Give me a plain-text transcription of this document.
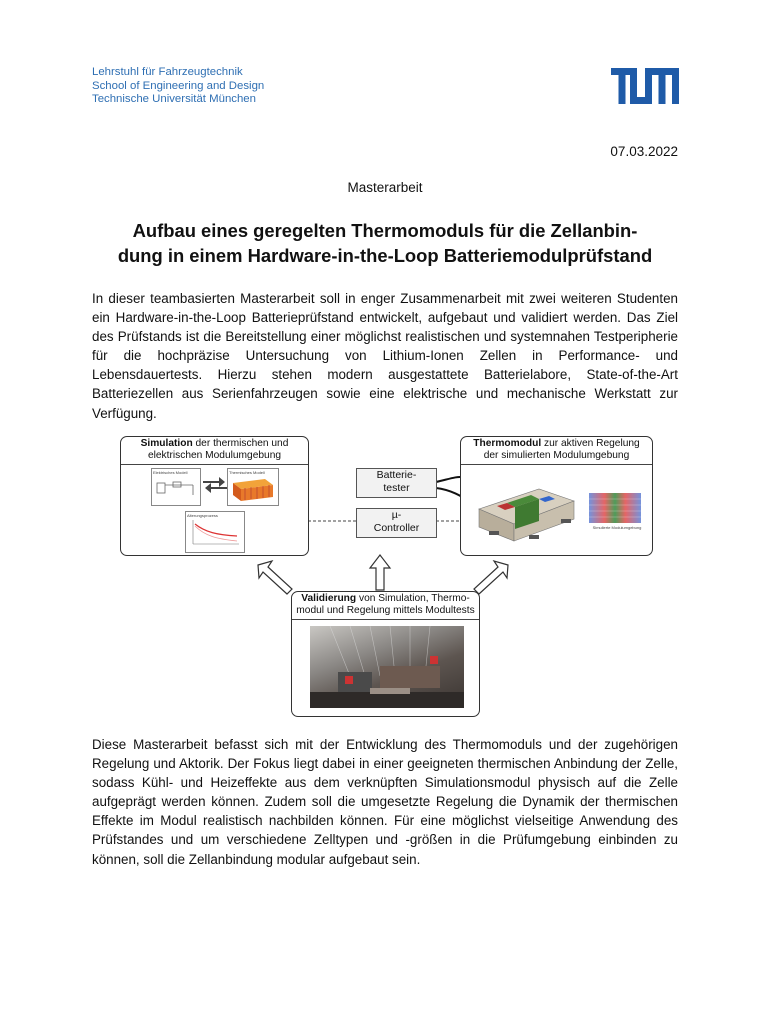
Lehrstuhl für Fahrzeugtechnik
School of Engineering and Design
Technische Universität München
07.03.2022
Masterarbeit
Aufbau eines geregelten Thermomoduls für die Zellanbin-
dung in einem Hardware-in-the-Loop Batteriemodulprüfstand
In dieser teambasierten Masterarbeit soll in enger Zusammenarbeit mit zwei weiteren Studenten ein Hardware-in-the-Loop Batterieprüfstand entwickelt, aufgebaut und validiert werden. Das Ziel des Prüfstands ist die Bereitstellung einer möglichst realistischen und systemnahen Testperipherie für die hochpräzise Untersuchung von Lithium-Ionen Zellen in Performance- und Lebensdauertests. Hierzu stehen modern ausgestattete Batterielabore, State-of-the-Art Batteriezellen aus Serienfahrzeugen sowie eine elektrische und mechanische Werkstatt zur Verfügung.
Simulation der thermischen und
elektrischen Modulumgebung
Elektrisches Modell	Thermisches Modell
Alterungsprozess
Batterie-
tester
µ-
Controller
Thermomodul zur aktiven Regelung
der simulierten Modulumgebung
Simulierte Modulumgebung
Validierung von Simulation, Thermo-
modul und Regelung mittels Modultests
Diese Masterarbeit befasst sich mit der Entwicklung des Thermomoduls und der zugehörigen Regelung und Aktorik. Der Fokus liegt dabei in einer geeigneten thermischen Anbindung der Zelle, sodass Kühl- und Heizeffekte aus dem verknüpften Simulationsmodul physisch auf die Zelle aufgeprägt werden können. Zudem soll die umgesetzte Regelung die Dynamik der thermischen Effekte im Modul realistisch nachbilden können. Für eine möglichst vielseitige Anwendung des Prüfstandes und um verschiedene Zelltypen und -größen in die Prüfumgebung einbinden zu können, soll die Zellanbindung modular aufgebaut sein.
